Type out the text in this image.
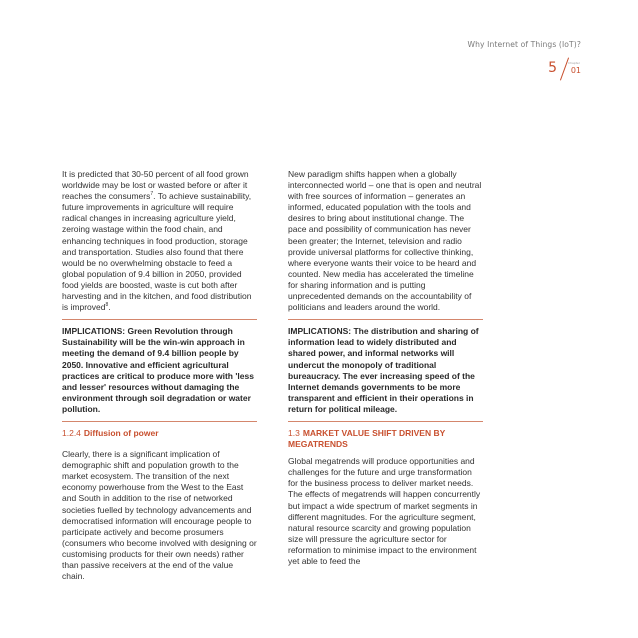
Why Internet of Things (IoT)?
5	Chapter
01

It is predicted that 30-50 percent of all food grown worldwide may be lost or wasted before or after it reaches the consumers$^7$. To achieve sustainability, future improvements in agriculture will require radical changes in increasing agriculture yield, zeroing wastage within the food chain, and enhancing techniques in food production, storage and transportation. Studies also found that there would be no overwhelming obstacle to feed a global population of 9.4 billion in 2050, provided food yields are boosted, waste is cut both after harvesting and in the kitchen, and food distribution is improved$^8$.

IMPLICATIONS: Green Revolution through Sustainability will be the win-win approach in meeting the demand of 9.4 billion people by 2050. Innovative and efficient agricultural practices are critical to produce more with 'less and lesser' resources without damaging the environment through soil degradation or water pollution.

1.2.4 Diffusion of power

Clearly, there is a significant implication of demographic shift and population growth to the market ecosystem. The transition of the next economy powerhouse from the West to the East and South in addition to the rise of networked societies fuelled by technology advancements and democratised information will encourage people to participate actively and become prosumers (consumers who become involved with designing or customising products for their own needs) rather than passive receivers at the end of the value chain.

New paradigm shifts happen when a globally interconnected world – one that is open and neutral with free sources of information – generates an informed, educated population with the tools and desires to bring about institutional change. The pace and possibility of communication has never been greater; the Internet, television and radio provide universal platforms for collective thinking, where everyone wants their voice to be heard and counted. New media has accelerated the timeline for sharing information and is putting unprecedented demands on the accountability of politicians and leaders around the world.

IMPLICATIONS: The distribution and sharing of information lead to widely distributed and shared power, and informal networks will undercut the monopoly of traditional bureaucracy. The ever increasing speed of the Internet demands governments to be more transparent and efficient in their operations in return for political mileage.

1.3 MARKET VALUE SHIFT DRIVEN BY MEGATRENDS

Global megatrends will produce opportunities and challenges for the future and urge transformation for the business process to deliver market needs. The effects of megatrends will happen concurrently but impact a wide spectrum of market segments in different magnitudes. For the agriculture segment, natural resource scarcity and growing population size will pressure the agriculture sector for reformation to minimise impact to the environment yet able to feed the
